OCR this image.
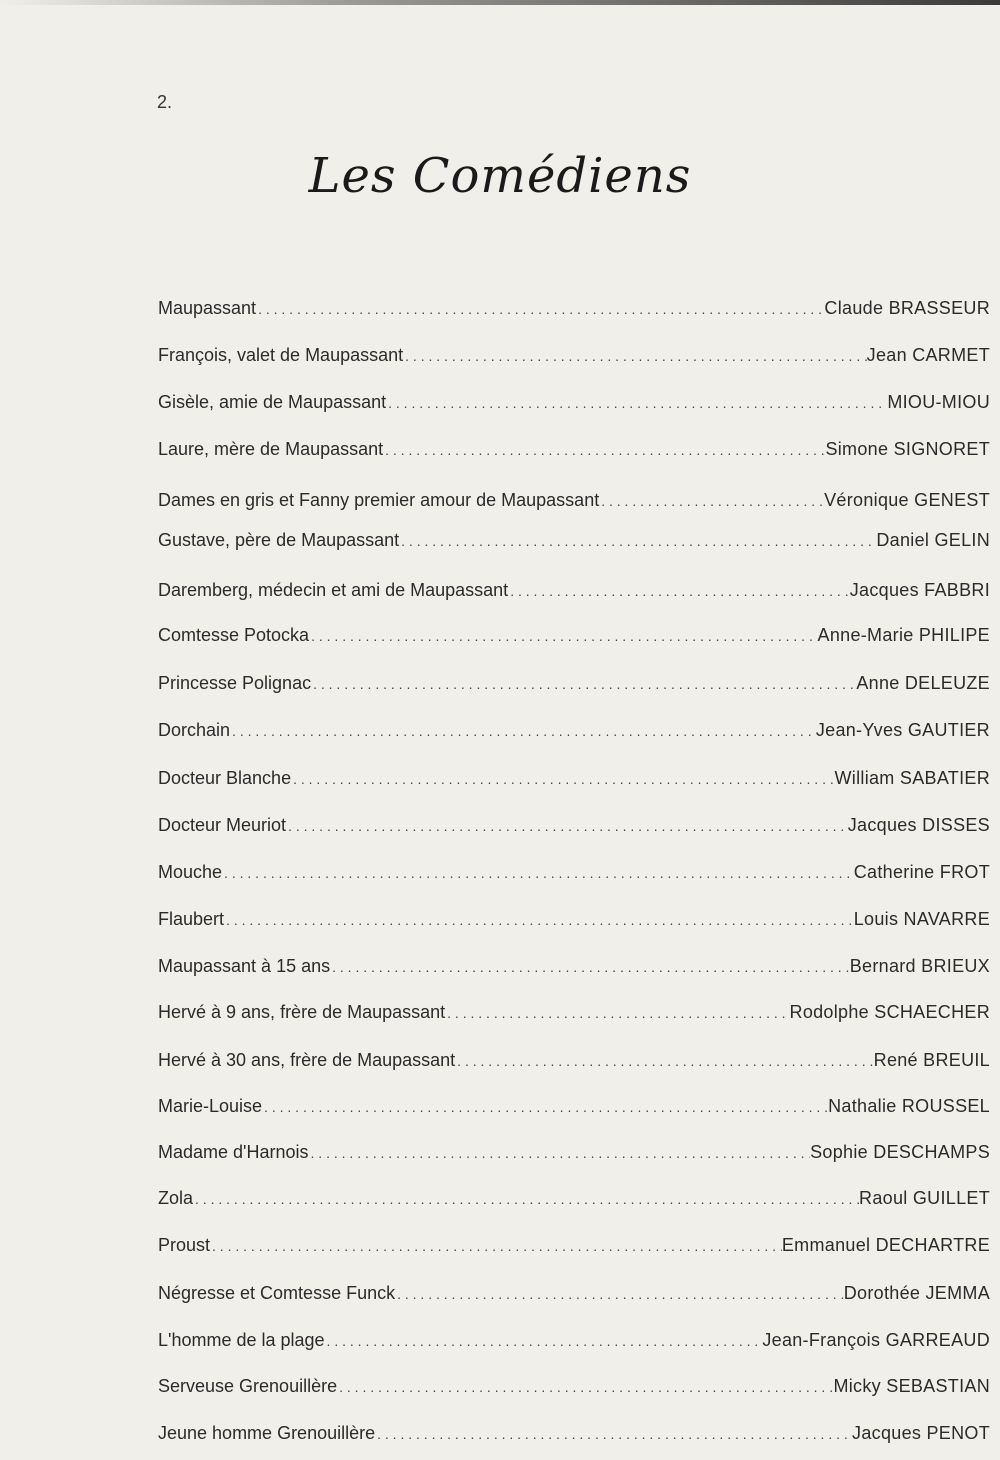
2.
Les Comédiens
Maupassant . . .	Claude BRASSEUR
François, valet de Maupassant . . .	Jean CARMET
Gisèle, amie de Maupassant . . .	MIOU-MIOU
Laure, mère de Maupassant . . .	Simone SIGNORET
Dames en gris et Fanny premier amour de Maupassant . . .	Véronique GENEST
Gustave, père de Maupassant . . .	Daniel GELIN
Daremberg, médecin et ami de Maupassant . . .	Jacques FABBRI
Comtesse Potocka . . .	Anne-Marie PHILIPE
Princesse Polignac . . .	Anne DELEUZE
Dorchain . . .	Jean-Yves GAUTIER
Docteur Blanche . . .	William SABATIER
Docteur Meuriot . . .	Jacques DISSES
Mouche . . .	Catherine FROT
Flaubert . . .	Louis NAVARRE
Maupassant à 15 ans . . .	Bernard BRIEUX
Hervé à 9 ans, frère de Maupassant . . .	Rodolphe SCHAECHER
Hervé à 30 ans, frère de Maupassant . . .	René BREUIL
Marie-Louise . . .	Nathalie ROUSSEL
Madame d'Harnois . . .	Sophie DESCHAMPS
Zola . . .	Raoul GUILLET
Proust . . .	Emmanuel DECHARTRE
Négresse et Comtesse Funck . . .	Dorothée JEMMA
L'homme de la plage . . .	Jean-François GARREAUD
Serveuse Grenouillère . . .	Micky SEBASTIAN
Jeune homme Grenouillère . . .	Jacques PENOT
